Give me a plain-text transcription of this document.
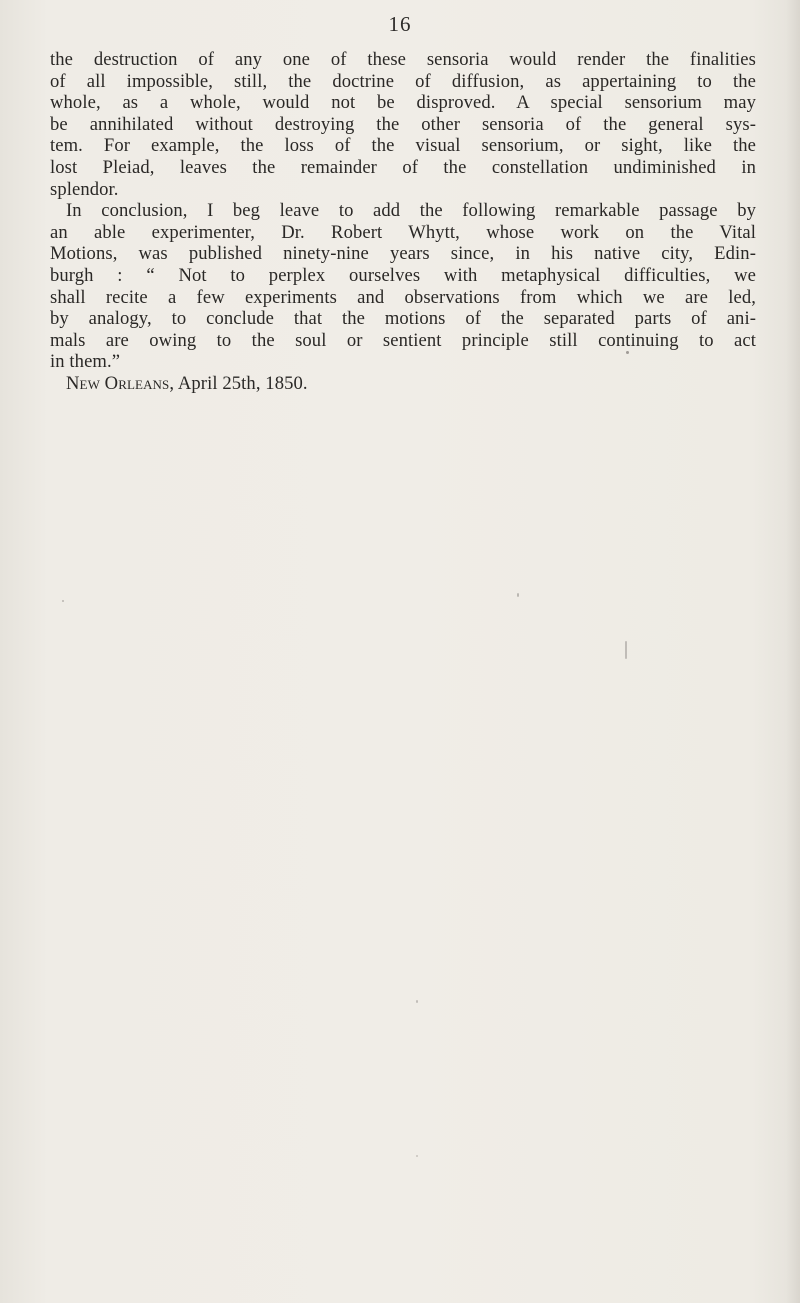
16
the destruction of any one of these sensoria would render the finalities
of all impossible, still, the doctrine of diffusion, as appertaining to the
whole, as a whole, would not be disproved. A special sensorium may
be annihilated without destroying the other sensoria of the general sys-
tem. For example, the loss of the visual sensorium, or sight, like the
lost Pleiad, leaves the remainder of the constellation undiminished in
splendor.
In conclusion, I beg leave to add the following remarkable passage by
an able experimenter, Dr. Robert Whytt, whose work on the Vital
Motions, was published ninety-nine years since, in his native city, Edin-
burgh : “ Not to perplex ourselves with metaphysical difficulties, we
shall recite a few experiments and observations from which we are led,
by analogy, to conclude that the motions of the separated parts of ani-
mals are owing to the soul or sentient principle still continuing to act
in them.”
New Orleans, April 25th, 1850.
